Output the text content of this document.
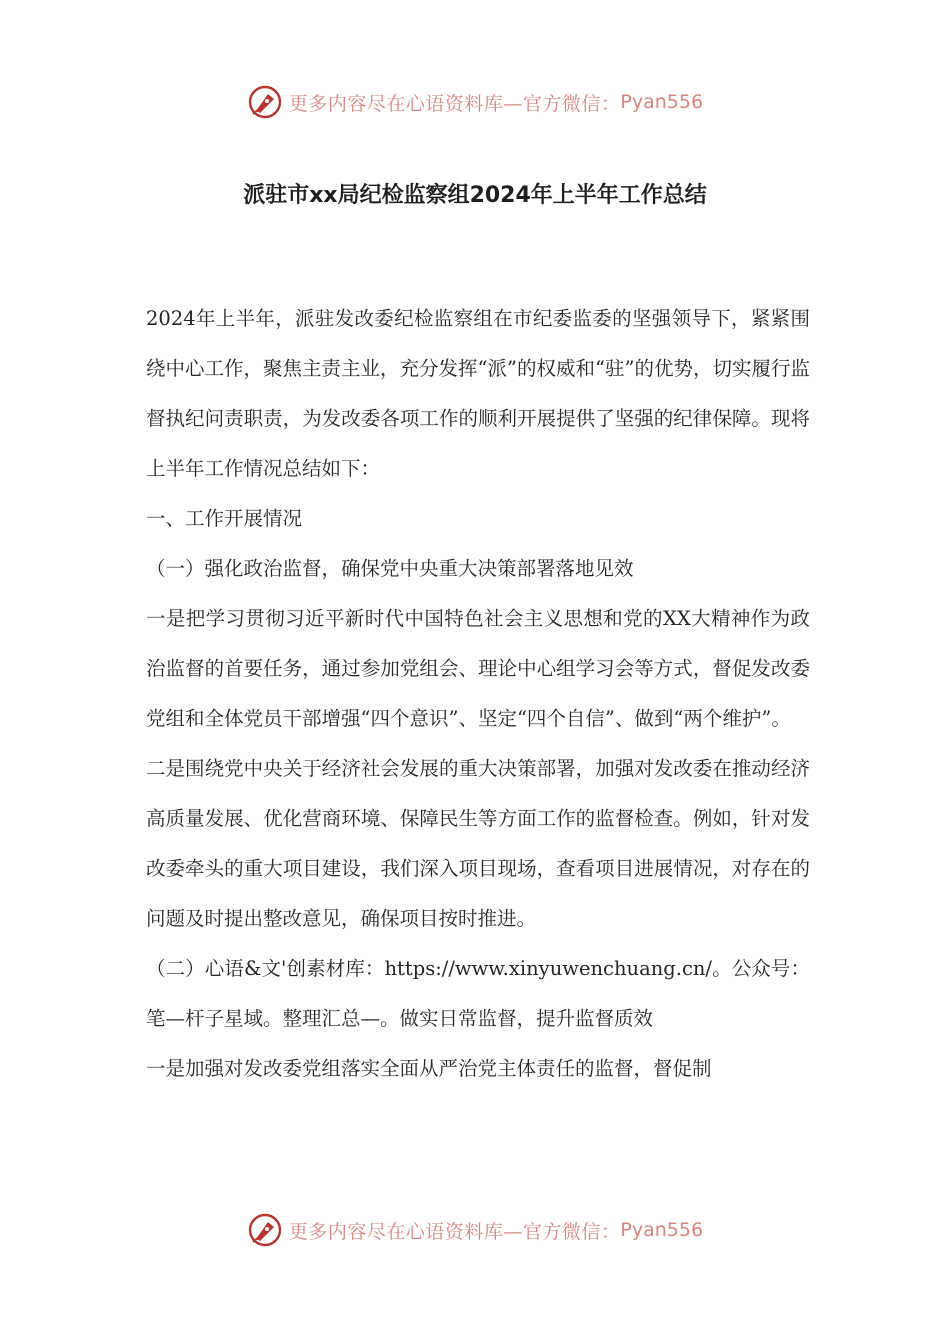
更多内容尽在心语资料库—官方微信： Pyan556
派驻市xx局纪检监察组2024年上半年工作总结

2024年上半年，派驻发改委纪检监察组在市纪委监委的坚强领导下，紧紧围绕中心工作，聚焦主责主业，充分发挥“派”的权威和“驻”的优势，切实履行监督执纪问责职责，为发改委各项工作的顺利开展提供了坚强的纪律保障。现将上半年工作情况总结如下：

一、工作开展情况

（一）强化政治监督，确保党中央重大决策部署落地见效

一是把学习贯彻习近平新时代中国特色社会主义思想和党的XX大精神作为政治监督的首要任务，通过参加党组会、理论中心组学习会等方式，督促发改委党组和全体党员干部增强“四个意识”、坚定“四个自信”、做到“两个维护”。

二是围绕党中央关于经济社会发展的重大决策部署，加强对发改委在推动经济高质量发展、优化营商环境、保障民生等方面工作的监督检查。例如，针对发改委牵头的重大项目建设，我们深入项目现场，查看项目进展情况，对存在的问题及时提出整改意见，确保项目按时推进。

（二）心语&文'创素材库：https://www.xinyuwenchuang.cn/。公众号：笔—杆子星域。整理汇总—。做实日常监督，提升监督质效

一是加强对发改委党组落实全面从严治党主体责任的监督，督促制

更多内容尽在心语资料库—官方微信： Pyan556
